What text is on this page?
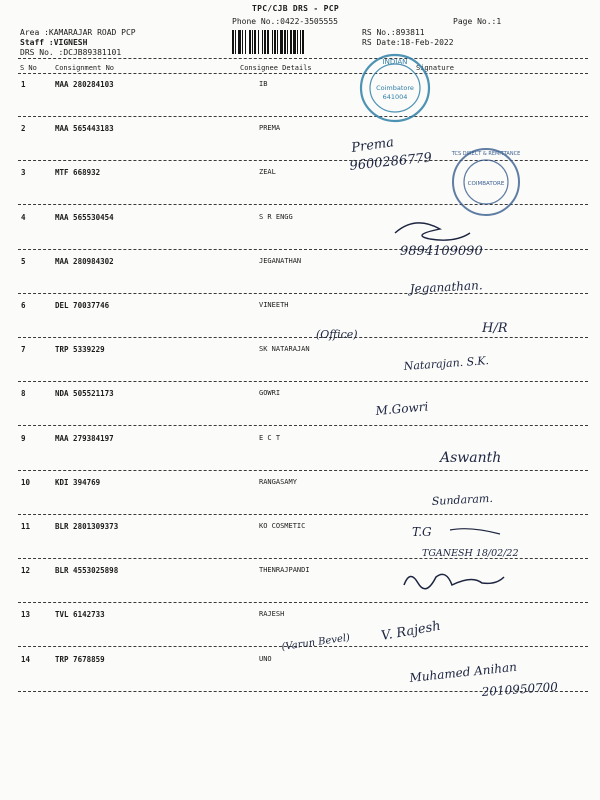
TPC/CJB DRS - PCP
Phone No.:0422-3505555	Page No.:1
Area :KAMARAJAR ROAD PCP
Staff :VIGNESH
DRS No. :DCJB89381101
RS No.:893811
RS Date:18-Feb-2022
S No	Consignment No	Consignee Details	Signature
1	MAA 280284103	IB
2	MAA 565443183	PREMA
3	MTF 668932	ZEAL
4	MAA 565530454	S R ENGG
5	MAA 280984302	JEGANATHAN
6	DEL 70037746	VINEETH
7	TRP 5339229	SK NATARAJAN
8	NDA 505521173	GOWRI
9	MAA 279384197	E C T
10	KDI 394769	RANGASAMY
11	BLR 2801309373	KO COSMETIC
12	BLR 4553025898	THENRAJPANDI
13	TVL 6142733	RAJESH
14	TRP 7678859	UNO
INDIAN
Coimbatore
641004
TCS DIRECT & REMITTANCE
COIMBATORE
Prema
9600286779
9894109090
Jeganathan.
(Office)	H/R
Natarajan. S.K.
M.Gowri
Aswanth
Sundaram.
T.G
TGANESH 18/02/22
(Varun Bevel) V. Rajesh
Muhamed Anihan
2010950700
